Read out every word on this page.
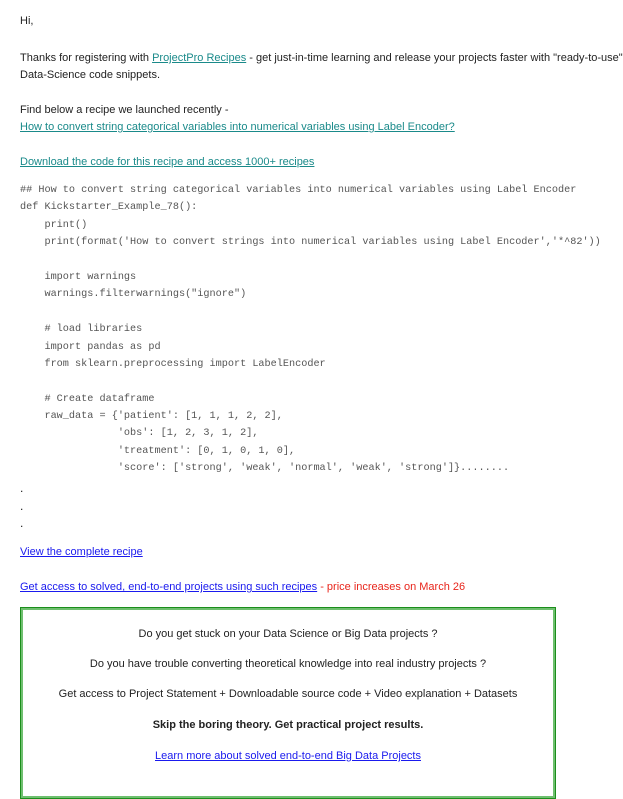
Hi,
Thanks for registering with ProjectPro Recipes - get just-in-time learning and release your projects faster with "ready-to-use"
Data-Science code snippets.
Find below a recipe we launched recently -
How to convert string categorical variables into numerical variables using Label Encoder?
Download the code for this recipe and access 1000+ recipes
## How to convert string categorical variables into numerical variables using Label Encoder
def Kickstarter_Example_78():
print()
print(format('How to convert strings into numerical variables using Label Encoder','*^82'))
import warnings
warnings.filterwarnings("ignore")
# load libraries
import pandas as pd
from sklearn.preprocessing import LabelEncoder
# Create dataframe
raw_data = {'patient': [1, 1, 1, 2, 2],
'obs': [1, 2, 3, 1, 2],
'treatment': [0, 1, 0, 1, 0],
'score': ['strong', 'weak', 'normal', 'weak', 'strong']}........
.
.
.
View the complete recipe
Get access to solved, end-to-end projects using such recipes - price increases on March 26
Do you get stuck on your Data Science or Big Data projects ?
Do you have trouble converting theoretical knowledge into real industry projects ?
Get access to Project Statement + Downloadable source code + Video explanation + Datasets
Skip the boring theory. Get practical project results.
Learn more about solved end-to-end Big Data Projects
